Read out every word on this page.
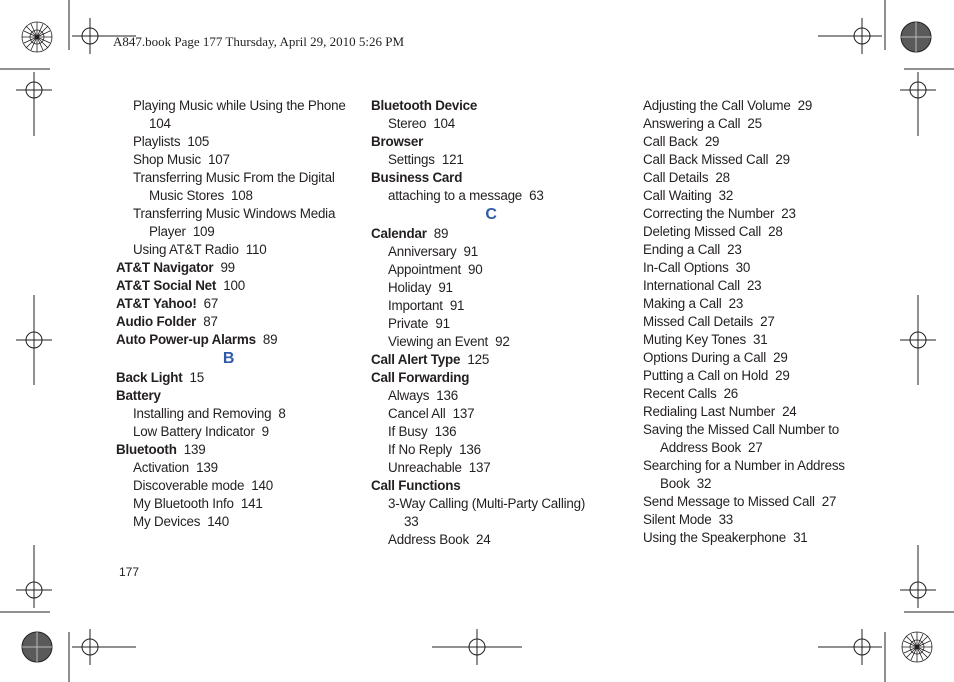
A847.book Page 177 Thursday, April 29, 2010 5:26 PM
Playing Music while Using the Phone
104
Playlists 105
Shop Music 107
Transferring Music From the Digital
Music Stores 108
Transferring Music Windows Media
Player 109
Using AT&T Radio 110
AT&T Navigator 99
AT&T Social Net 100
AT&T Yahoo! 67
Audio Folder 87
Auto Power-up Alarms 89
B
Back Light 15
Battery
Installing and Removing 8
Low Battery Indicator 9
Bluetooth 139
Activation 139
Discoverable mode 140
My Bluetooth Info 141
My Devices 140
Bluetooth Device
Stereo 104
Browser
Settings 121
Business Card
attaching to a message 63
C
Calendar 89
Anniversary 91
Appointment 90
Holiday 91
Important 91
Private 91
Viewing an Event 92
Call Alert Type 125
Call Forwarding
Always 136
Cancel All 137
If Busy 136
If No Reply 136
Unreachable 137
Call Functions
3-Way Calling (Multi-Party Calling)
33
Address Book 24
Adjusting the Call Volume 29
Answering a Call 25
Call Back 29
Call Back Missed Call 29
Call Details 28
Call Waiting 32
Correcting the Number 23
Deleting Missed Call 28
Ending a Call 23
In-Call Options 30
International Call 23
Making a Call 23
Missed Call Details 27
Muting Key Tones 31
Options During a Call 29
Putting a Call on Hold 29
Recent Calls 26
Redialing Last Number 24
Saving the Missed Call Number to
Address Book 27
Searching for a Number in Address
Book 32
Send Message to Missed Call 27
Silent Mode 33
Using the Speakerphone 31
177
